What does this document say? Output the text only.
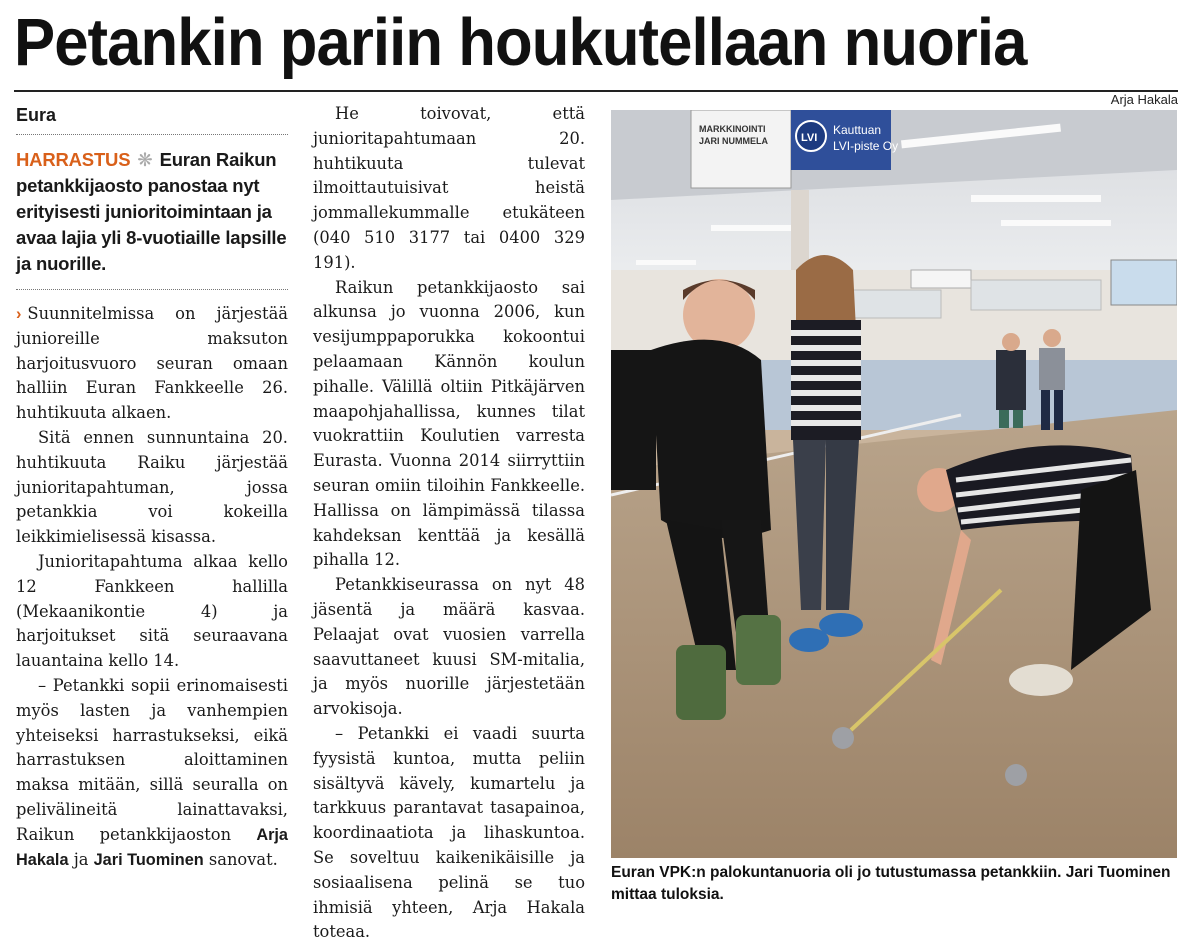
Petankin pariin houkutellaan nuoria
Eura
HARRASTUS ❋ Euran Raikun petankkijaosto panostaa nyt erityisesti junioritoimintaan ja avaa lajia yli 8-vuotiaille lapsille ja nuorille.

› Suunnitelmissa on järjestää junioreille maksuton harjoitusvuoro seuran omaan halliin Euran Fankkeelle 26. huhtikuuta alkaen.

Sitä ennen sunnuntaina 20. huhtikuuta Raiku järjestää junioritapahtuman, jossa petankkia voi kokeilla leikkimielisessä kisassa.

Junioritapahtuma alkaa kello 12 Fankkeen hallilla (Mekaanikontie 4) ja harjoitukset sitä seuraavana lauantaina kello 14.

– Petankki sopii erinomaisesti myös lasten ja vanhempien yhteiseksi harrastukseksi, eikä harrastuksen aloittaminen maksa mitään, sillä seuralla on pelivälineitä lainattavaksi, Raikun petankkijaoston Arja Hakala ja Jari Tuominen sanovat.

He toivovat, että junioritapahtumaan 20. huhtikuuta tulevat ilmoittautuisivat heistä jommallekummalle etukäteen (040 510 3177 tai 0400 329 191).

Raikun petankkijaosto sai alkunsa jo vuonna 2006, kun vesijumppaporukka kokoontui pelaamaan Kännön koulun pihalle. Välillä oltiin Pitkäjärven maapohjahallissa, kunnes tilat vuokrattiin Koulutien varresta Eurasta. Vuonna 2014 siirryttiin seuran omiin tiloihin Fankkeelle. Hallissa on lämpimässä tilassa kahdeksan kenttää ja kesällä pihalla 12.

Petankkiseurassa on nyt 48 jäsentä ja määrä kasvaa. Pelaajat ovat vuosien varrella saavuttaneet kuusi SM-mitalia, ja myös nuorille järjestetään arvokisoja.

– Petankki ei vaadi suurta fyysistä kuntoa, mutta peliin sisältyvä kävely, kumartelu ja tarkkuus parantavat tasapainoa, koordinaatiota ja lihaskuntoa. Se soveltuu kaikenikäisille ja sosiaalisena pelinä se tuo ihmisiä yhteen, Arja Hakala toteaa.

Arja Hakala
MARKKINOINTI
JARI NUMMELA	LVI
Kauttuan
LVI-piste Oy
Euran VPK:n palokuntanuoria oli jo tutustumassa petankkiin. Jari Tuominen mittaa tuloksia.
